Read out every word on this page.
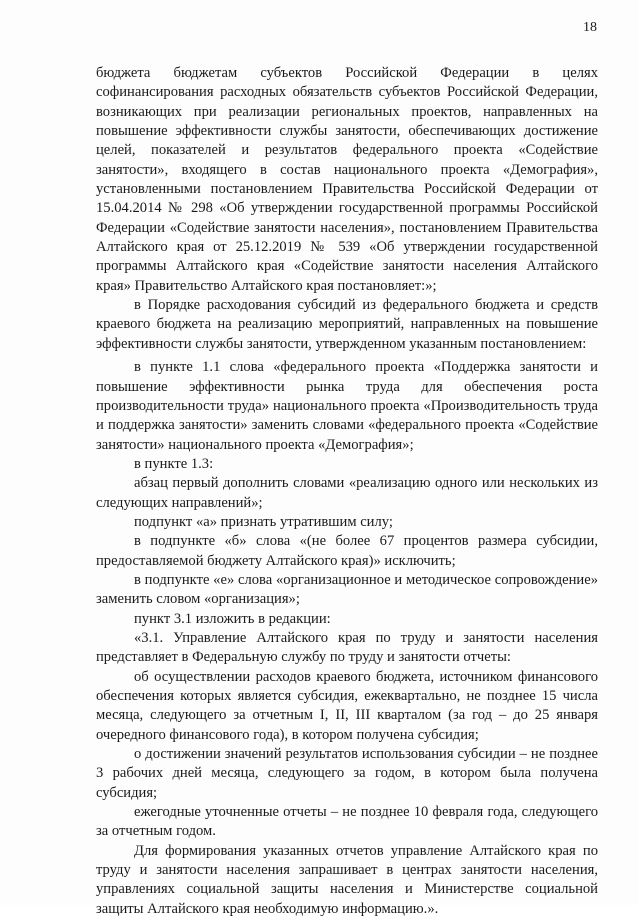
18

бюджета бюджетам субъектов Российской Федерации в целях софинансирования расходных обязательств субъектов Российской Федерации, возникающих при реализации региональных проектов, направленных на повышение эффективности службы занятости, обеспечивающих достижение целей, показателей и результатов федерального проекта «Содействие занятости», входящего в состав национального проекта «Демография», установленными постановлением Правительства Российской Федерации от 15.04.2014 № 298 «Об утверждении государственной программы Российской Федерации «Содействие занятости населения», постановлением Правительства Алтайского края от 25.12.2019 № 539 «Об утверждении государственной программы Алтайского края «Содействие занятости населения Алтайского края» Правительство Алтайского края постановляет:»;

в Порядке расходования субсидий из федерального бюджета и средств краевого бюджета на реализацию мероприятий, направленных на повышение эффективности службы занятости, утвержденном указанным постановлением:

в пункте 1.1 слова «федерального проекта «Поддержка занятости и повышение эффективности рынка труда для обеспечения роста производительности труда» национального проекта «Производительность труда и поддержка занятости» заменить словами «федерального проекта «Содействие занятости» национального проекта «Демография»;

в пункте 1.3:

абзац первый дополнить словами «реализацию одного или нескольких из следующих направлений»;

подпункт «а» признать утратившим силу;

в подпункте «б» слова «(не более 67 процентов размера субсидии, предоставляемой бюджету Алтайского края)» исключить;

в подпункте «е» слова «организационное и методическое сопровождение» заменить словом «организация»;

пункт 3.1 изложить в редакции:

«3.1. Управление Алтайского края по труду и занятости населения представляет в Федеральную службу по труду и занятости отчеты:

об осуществлении расходов краевого бюджета, источником финансового обеспечения которых является субсидия, ежеквартально, не позднее 15 числа месяца, следующего за отчетным I, II, III кварталом (за год – до 25 января очередного финансового года), в котором получена субсидия;

о достижении значений результатов использования субсидии – не позднее 3 рабочих дней месяца, следующего за годом, в котором была получена субсидия;

ежегодные уточненные отчеты – не позднее 10 февраля года, следующего за отчетным годом.

Для формирования указанных отчетов управление Алтайского края по труду и занятости населения запрашивает в центрах занятости населения, управлениях социальной защиты населения и Министерстве социальной защиты Алтайского края необходимую информацию.».
